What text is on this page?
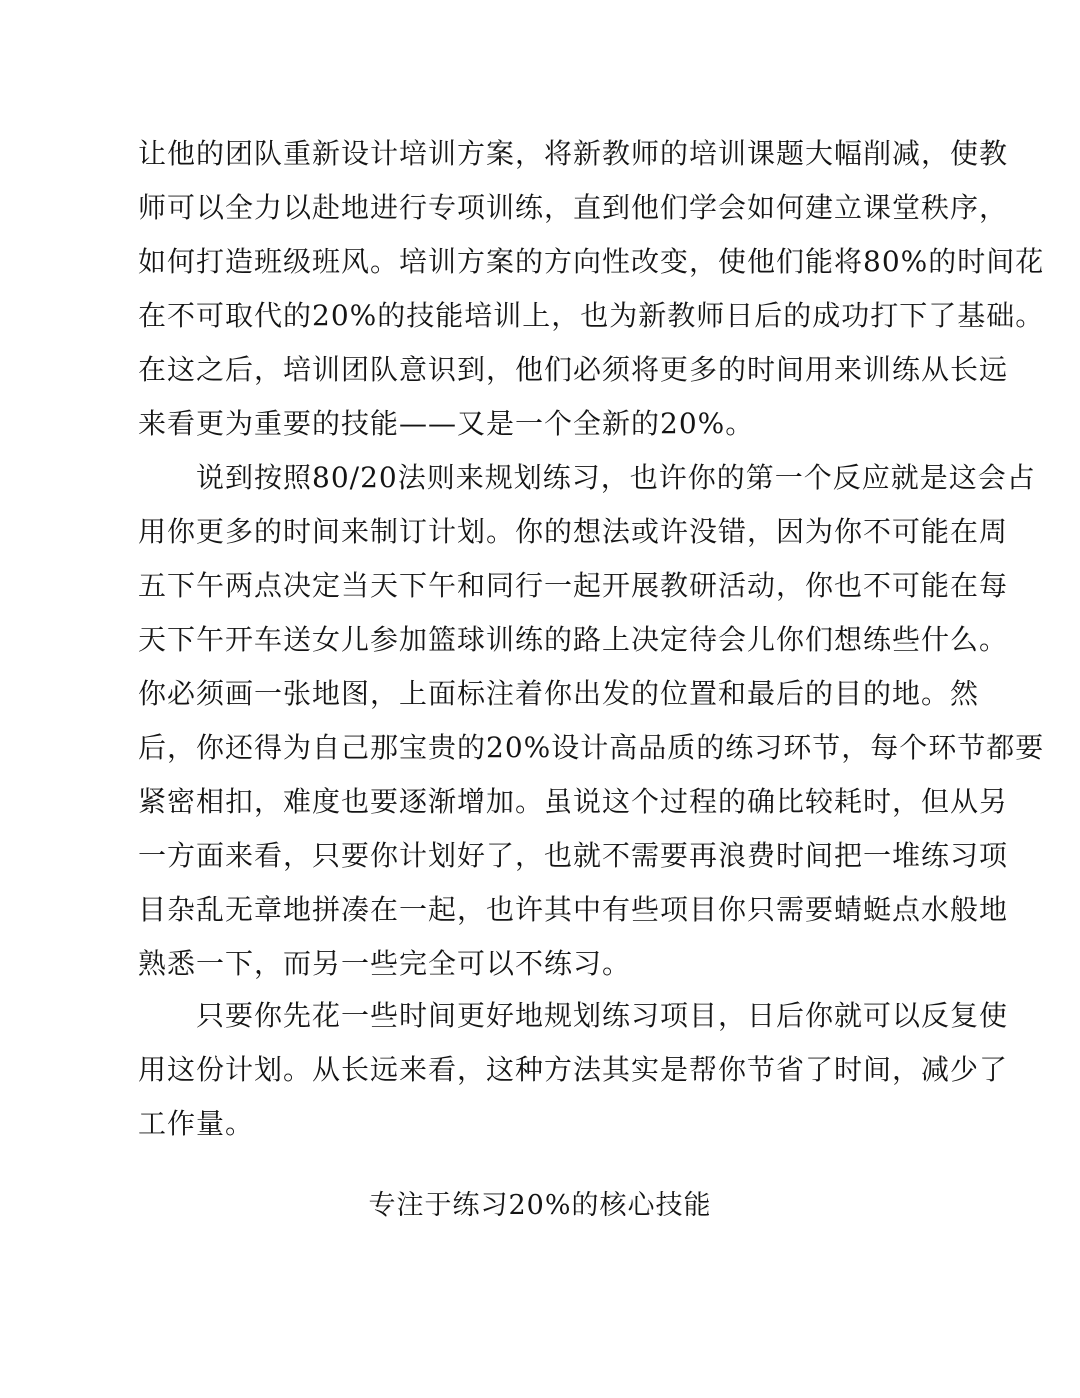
让他的团队重新设计培训方案，将新教师的培训课题大幅削减，使教
师可以全力以赴地进行专项训练，直到他们学会如何建立课堂秩序，
如何打造班级班风。培训方案的方向性改变，使他们能将80%的时间花
在不可取代的20%的技能培训上，也为新教师日后的成功打下了基础。
在这之后，培训团队意识到，他们必须将更多的时间用来训练从长远
来看更为重要的技能——又是一个全新的20%。
　　说到按照80/20法则来规划练习，也许你的第一个反应就是这会占
用你更多的时间来制订计划。你的想法或许没错，因为你不可能在周
五下午两点决定当天下午和同行一起开展教研活动，你也不可能在每
天下午开车送女儿参加篮球训练的路上决定待会儿你们想练些什么。
你必须画一张地图，上面标注着你出发的位置和最后的目的地。然
后，你还得为自己那宝贵的20%设计高品质的练习环节，每个环节都要
紧密相扣，难度也要逐渐增加。虽说这个过程的确比较耗时，但从另
一方面来看，只要你计划好了，也就不需要再浪费时间把一堆练习项
目杂乱无章地拼凑在一起，也许其中有些项目你只需要蜻蜓点水般地
熟悉一下，而另一些完全可以不练习。
　　只要你先花一些时间更好地规划练习项目，日后你就可以反复使
用这份计划。从长远来看，这种方法其实是帮你节省了时间，减少了
工作量。
专注于练习20%的核心技能
